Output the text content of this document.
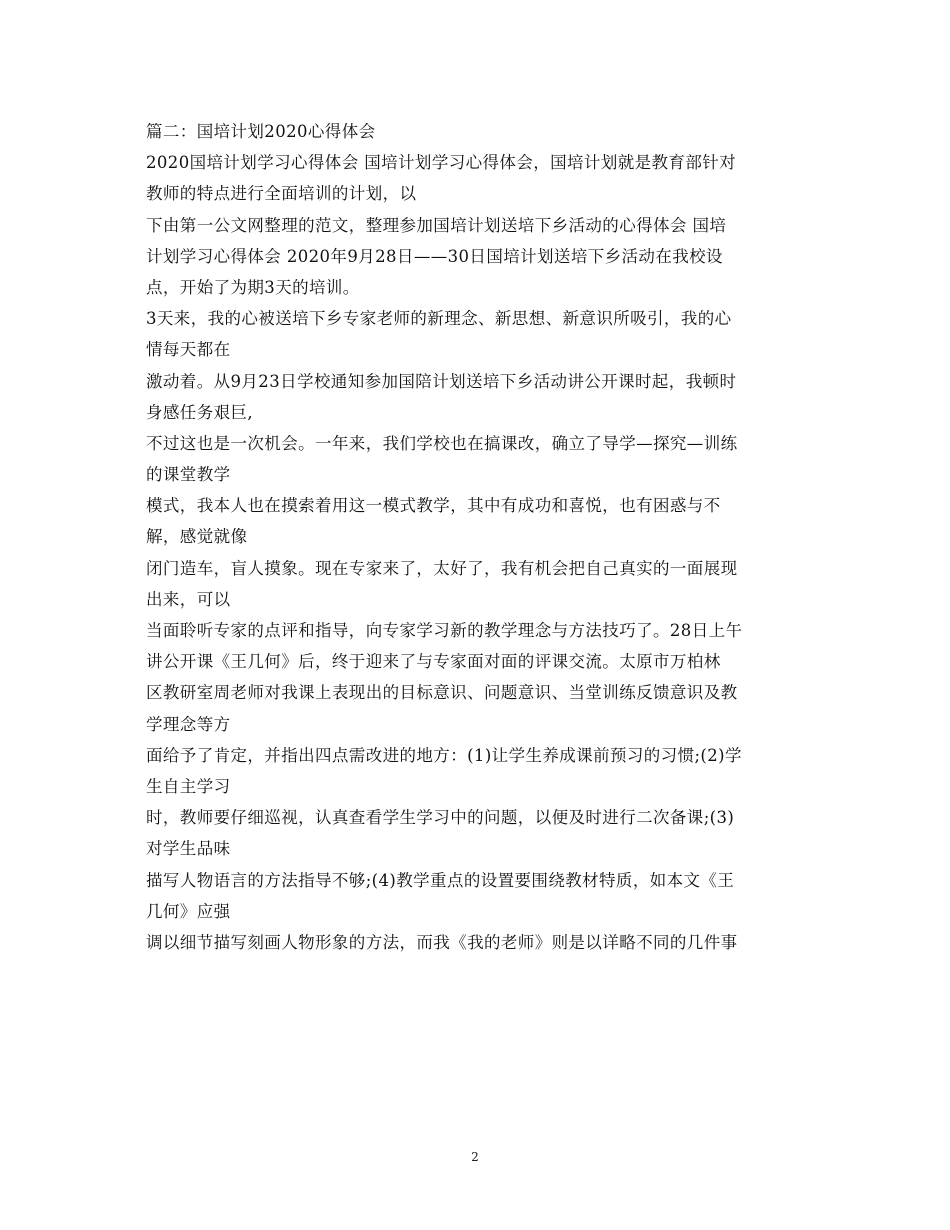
篇二：国培计划2020心得体会
2020国培计划学习心得体会 国培计划学习心得体会，国培计划就是教育部针对
教师的特点进行全面培训的计划，以
下由第一公文网整理的范文，整理参加国培计划送培下乡活动的心得体会 国培
计划学习心得体会 2020年9月28日——30日国培计划送培下乡活动在我校设
点，开始了为期3天的培训。
3天来，我的心被送培下乡专家老师的新理念、新思想、新意识所吸引，我的心
情每天都在
激动着。从9月23日学校通知参加国陪计划送培下乡活动讲公开课时起，我顿时
身感任务艰巨,
不过这也是一次机会。一年来，我们学校也在搞课改，确立了导学—探究—训练
的课堂教学
模式，我本人也在摸索着用这一模式教学，其中有成功和喜悦，也有困惑与不
解，感觉就像
闭门造车，盲人摸象。现在专家来了，太好了，我有机会把自己真实的一面展现
出来，可以
当面聆听专家的点评和指导，向专家学习新的教学理念与方法技巧了。28日上午
讲公开课《王几何》后，终于迎来了与专家面对面的评课交流。太原市万柏林
区教研室周老师对我课上表现出的目标意识、问题意识、当堂训练反馈意识及教
学理念等方
面给予了肯定，并指出四点需改进的地方：(1)让学生养成课前预习的习惯;(2)学
生自主学习
时，教师要仔细巡视，认真查看学生学习中的问题，以便及时进行二次备课;(3)
对学生品味
描写人物语言的方法指导不够;(4)教学重点的设置要围绕教材特质，如本文《王
几何》应强
调以细节描写刻画人物形象的方法，而我《我的老师》则是以详略不同的几件事
2
